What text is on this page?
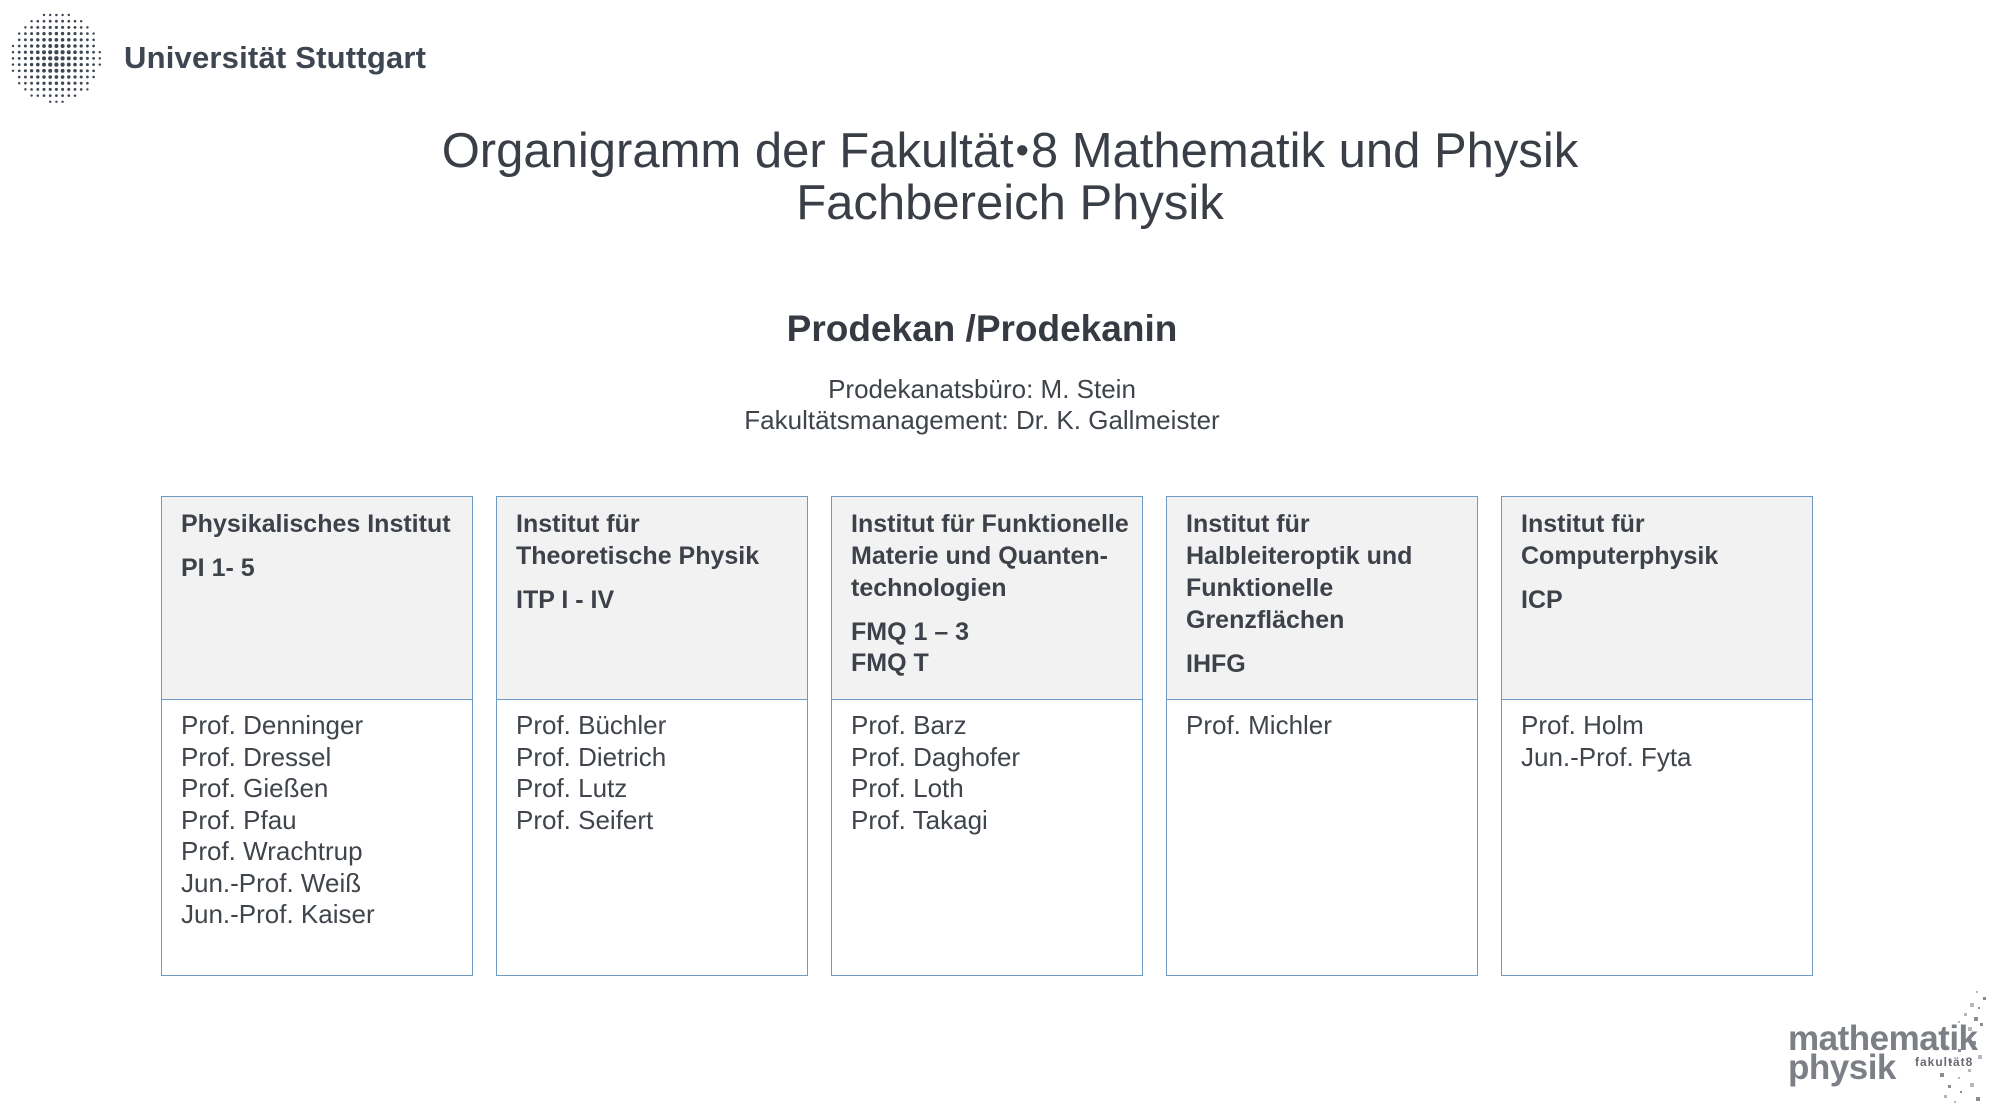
Universität Stuttgart
Organigramm der Fakultät•8 Mathematik und Physik
Fachbereich Physik
Prodekan /Prodekanin
Prodekanatsbüro: M. Stein
Fakultätsmanagement: Dr. K. Gallmeister
Physikalisches Institut
PI 1- 5
Prof. Denninger
Prof. Dressel
Prof. Gießen
Prof. Pfau
Prof. Wrachtrup
Jun.-Prof. Weiß
Jun.-Prof. Kaiser
Institut für
Theoretische Physik
ITP I - IV
Prof. Büchler
Prof. Dietrich
Prof. Lutz
Prof. Seifert
Institut für Funktionelle
Materie und Quanten-
technologien
FMQ 1 – 3
FMQ T
Prof. Barz
Prof. Daghofer
Prof. Loth
Prof. Takagi
Institut für
Halbleiteroptik und
Funktionelle
Grenzflächen
IHFG
Prof. Michler
Institut für
Computerphysik
ICP
Prof. Holm
Jun.-Prof. Fyta
mathematik
physik fakultät8
